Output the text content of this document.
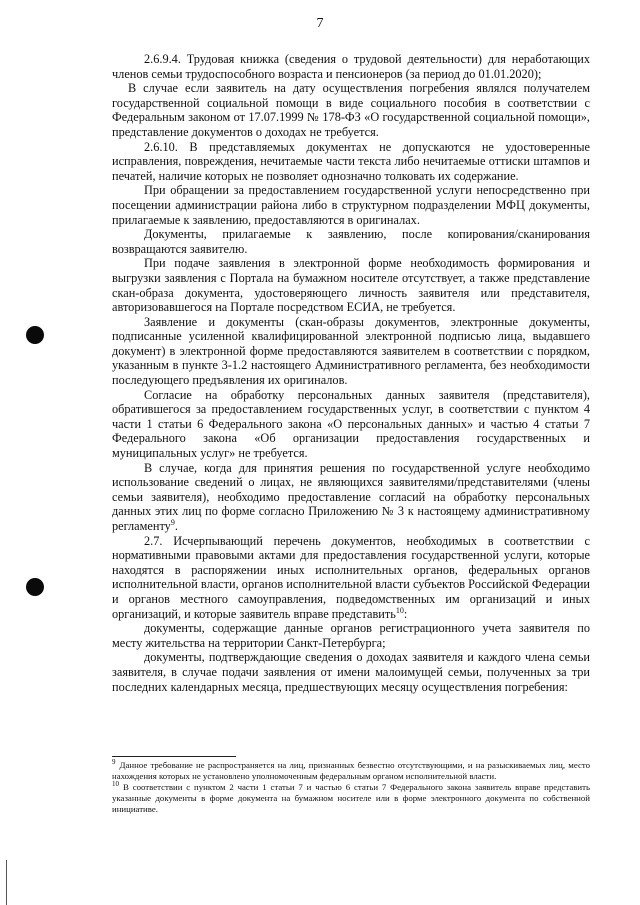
7

2.6.9.4. Трудовая книжка (сведения о трудовой деятельности) для неработающих членов семьи трудоспособного возраста и пенсионеров (за период до 01.01.2020);

В случае если заявитель на дату осуществления погребения являлся получателем государственной социальной помощи в виде социального пособия в соответствии с Федеральным законом от 17.07.1999 № 178-ФЗ «О государственной социальной помощи», представление документов о доходах не требуется.

2.6.10. В представляемых документах не допускаются не удостоверенные исправления, повреждения, нечитаемые части текста либо нечитаемые оттиски штампов и печатей, наличие которых не позволяет однозначно толковать их содержание.

При обращении за предоставлением государственной услуги непосредственно при посещении администрации района либо в структурном подразделении МФЦ документы, прилагаемые к заявлению, предоставляются в оригиналах.

Документы, прилагаемые к заявлению, после копирования/сканирования возвращаются заявителю.

При подаче заявления в электронной форме необходимость формирования и выгрузки заявления с Портала на бумажном носителе отсутствует, а также представление скан-образа документа, удостоверяющего личность заявителя или представителя, авторизовавшегося на Портале посредством ЕСИА, не требуется.

Заявление и документы (скан-образы документов, электронные документы, подписанные усиленной квалифицированной электронной подписью лица, выдавшего документ) в электронной форме предоставляются заявителем в соответствии с порядком, указанным в пункте 3-1.2 настоящего Административного регламента, без необходимости последующего предъявления их оригиналов.

Согласие на обработку персональных данных заявителя (представителя), обратившегося за предоставлением государственных услуг, в соответствии с пунктом 4 части 1 статьи 6 Федерального закона «О персональных данных» и частью 4 статьи 7 Федерального закона «Об организации предоставления государственных и муниципальных услуг» не требуется.

В случае, когда для принятия решения по государственной услуге необходимо использование сведений о лицах, не являющихся заявителями/представителями (члены семьи заявителя), необходимо предоставление согласий на обработку персональных данных этих лиц по форме согласно Приложению № 3 к настоящему административному регламенту$^9$.

2.7. Исчерпывающий перечень документов, необходимых в соответствии с нормативными правовыми актами для предоставления государственной услуги, которые находятся в распоряжении иных исполнительных органов, федеральных органов исполнительной власти, органов исполнительной власти субъектов Российской Федерации и органов местного самоуправления, подведомственных им организаций и иных организаций, и которые заявитель вправе представить$^{10}$:

документы, содержащие данные органов регистрационного учета заявителя по месту жительства на территории Санкт-Петербурга;

документы, подтверждающие сведения о доходах заявителя и каждого члена семьи заявителя, в случае подачи заявления от имени малоимущей семьи, полученных за три последних календарных месяца, предшествующих месяцу осуществления погребения:

$^9$ Данное требование не распространяется на лиц, признанных безвестно отсутствующими, и на разыскиваемых лиц, место нахождения которых не установлено уполномоченным федеральным органом исполнительной власти.

$^{10}$ В соответствии с пунктом 2 части 1 статьи 7 и частью 6 статьи 7 Федерального закона заявитель вправе представить указанные документы в форме документа на бумажном носителе или в форме электронного документа по собственной инициативе.
